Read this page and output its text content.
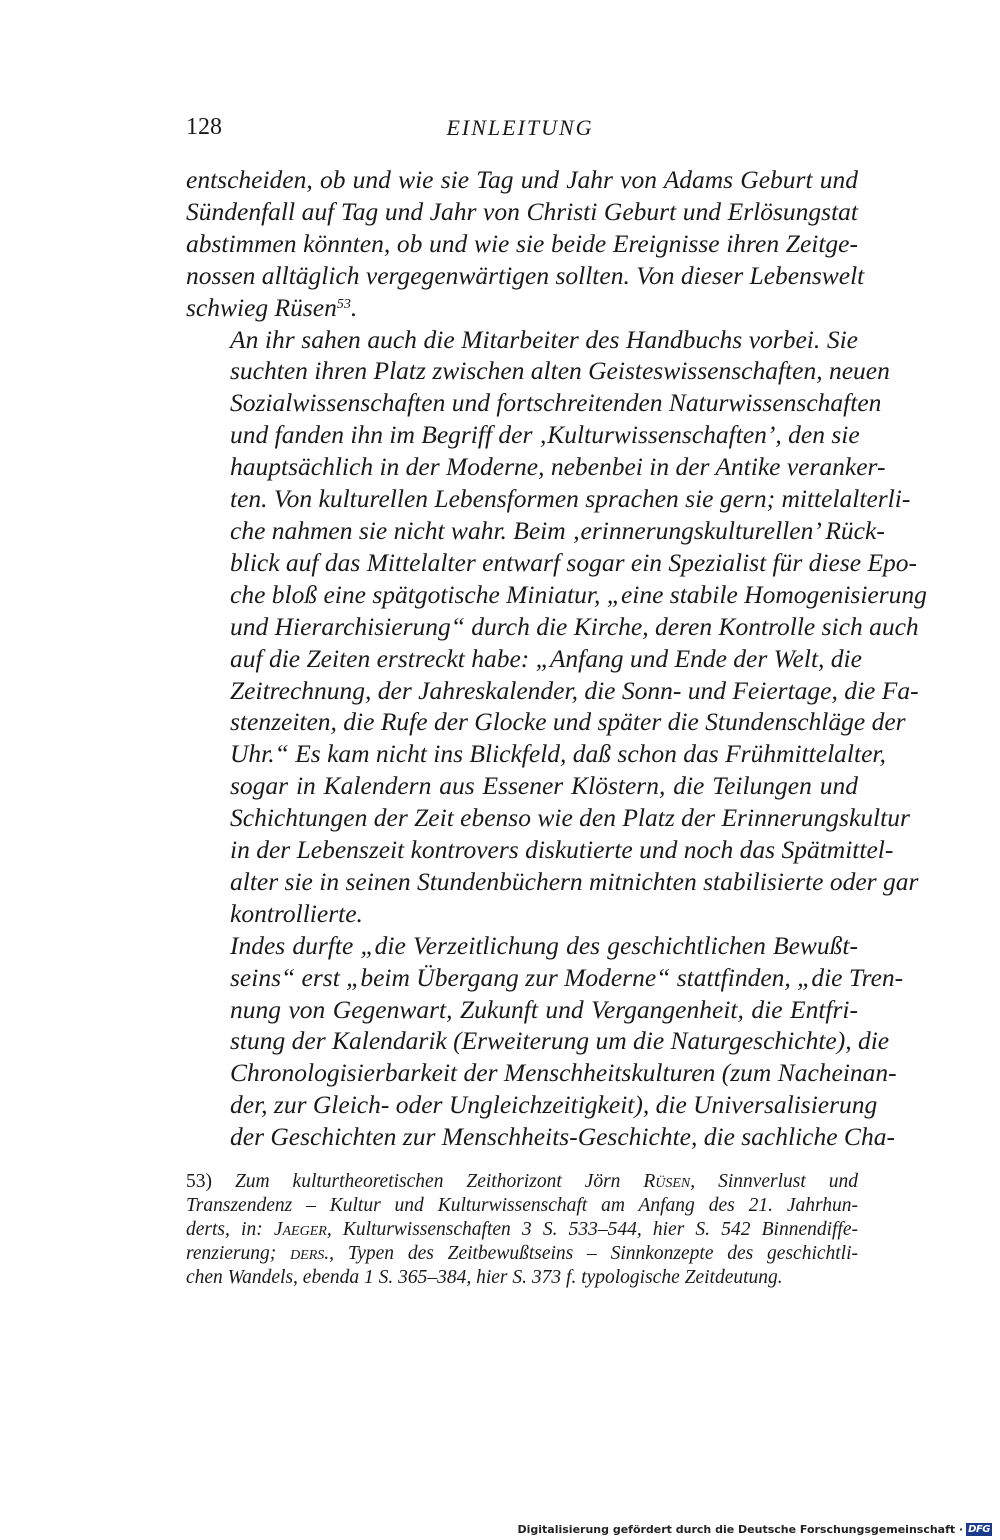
128	EINLEITUNG

entscheiden, ob und wie sie Tag und Jahr von Adams Geburt und
Sündenfall auf Tag und Jahr von Christi Geburt und Erlösungstat
abstimmen könnten, ob und wie sie beide Ereignisse ihren Zeitge-
nossen alltäglich vergegenwärtigen sollten. Von dieser Lebenswelt
schwieg Rüsen$^{53}$.

An ihr sahen auch die Mitarbeiter des Handbuchs vorbei. Sie
suchten ihren Platz zwischen alten Geisteswissenschaften, neuen
Sozialwissenschaften und fortschreitenden Naturwissenschaften
und fanden ihn im Begriff der ‚Kulturwissenschaften’, den sie
hauptsächlich in der Moderne, nebenbei in der Antike veranker-
ten. Von kulturellen Lebensformen sprachen sie gern; mittelalterli-
che nahmen sie nicht wahr. Beim ‚erinnerungskulturellen’ Rück-
blick auf das Mittelalter entwarf sogar ein Spezialist für diese Epo-
che bloß eine spätgotische Miniatur, „eine stabile Homogenisierung
und Hierarchisierung“ durch die Kirche, deren Kontrolle sich auch
auf die Zeiten erstreckt habe: „Anfang und Ende der Welt, die
Zeitrechnung, der Jahreskalender, die Sonn- und Feiertage, die Fa-
stenzeiten, die Rufe der Glocke und später die Stundenschläge der
Uhr.“ Es kam nicht ins Blickfeld, daß schon das Frühmittelalter,
sogar in Kalendern aus Essener Klöstern, die Teilungen und
Schichtungen der Zeit ebenso wie den Platz der Erinnerungskultur
in der Lebenszeit kontrovers diskutierte und noch das Spätmittel-
alter sie in seinen Stundenbüchern mitnichten stabilisierte oder gar
kontrollierte.

Indes durfte „die Verzeitlichung des geschichtlichen Bewußt-
seins“ erst „beim Übergang zur Moderne“ stattfinden, „die Tren-
nung von Gegenwart, Zukunft und Vergangenheit, die Entfri-
stung der Kalendarik (Erweiterung um die Naturgeschichte), die
Chronologisierbarkeit der Menschheitskulturen (zum Nacheinan-
der, zur Gleich- oder Ungleichzeitigkeit), die Universalisierung
der Geschichten zur Menschheits-Geschichte, die sachliche Cha-

53) Zum kulturtheoretischen Zeithorizont Jörn Rüsen, Sinnverlust und
Transzendenz – Kultur und Kulturwissenschaft am Anfang des 21. Jahrhun-
derts, in: Jaeger, Kulturwissenschaften 3 S. 533–544, hier S. 542 Binnendiffe-
renzierung; ders., Typen des Zeitbewußtseins – Sinnkonzepte des geschichtli-
chen Wandels, ebenda 1 S. 365–384, hier S. 373 f. typologische Zeitdeutung.
Digitalisierung gefördert durch die Deutsche Forschungsgemeinschaft · DFG
